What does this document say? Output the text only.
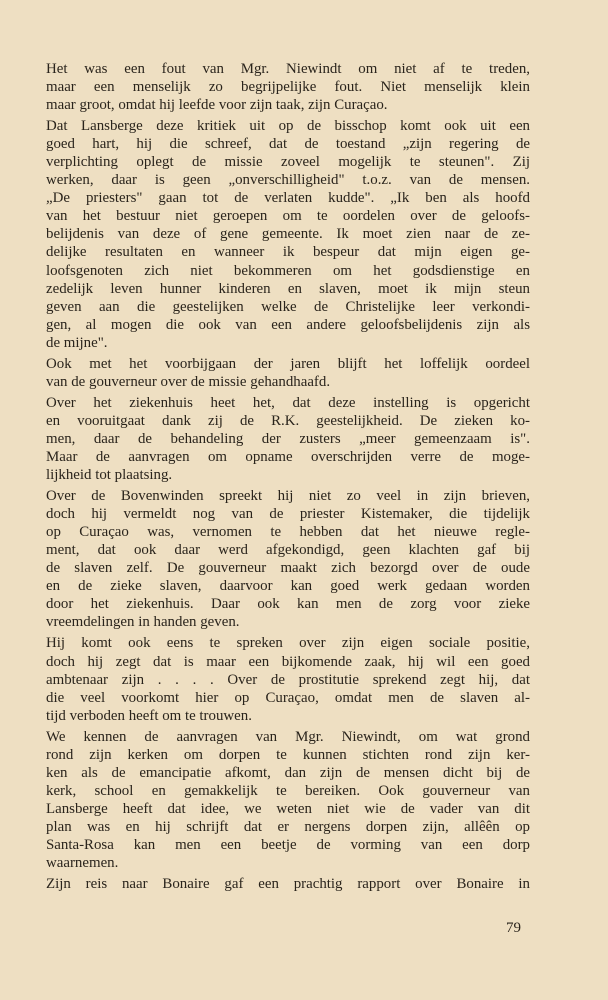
Het was een fout van Mgr. Niewindt om niet af te treden,
maar een menselijk zo begrijpelijke fout. Niet menselijk klein
maar groot, omdat hij leefde voor zijn taak, zijn Curaçao.
Dat Lansberge deze kritiek uit op de bisschop komt ook uit een
goed hart, hij die schreef, dat de toestand „zijn regering de
verplichting oplegt de missie zoveel mogelijk te steunen". Zij
werken, daar is geen „onverschilligheid" t.o.z. van de mensen.
„De priesters" gaan tot de verlaten kudde". „Ik ben als hoofd
van het bestuur niet geroepen om te oordelen over de geloofs-
belijdenis van deze of gene gemeente. Ik moet zien naar de ze-
delijke resultaten en wanneer ik bespeur dat mijn eigen ge-
loofsgenoten zich niet bekommeren om het godsdienstige en
zedelijk leven hunner kinderen en slaven, moet ik mijn steun
geven aan die geestelijken welke de Christelijke leer verkondi-
gen, al mogen die ook van een andere geloofsbelijdenis zijn als
de mijne".
Ook met het voorbijgaan der jaren blijft het loffelijk oordeel
van de gouverneur over de missie gehandhaafd.
Over het ziekenhuis heet het, dat deze instelling is opgericht
en vooruitgaat dank zij de R.K. geestelijkheid. De zieken ko-
men, daar de behandeling der zusters „meer gemeenzaam is".
Maar de aanvragen om opname overschrijden verre de moge-
lijkheid tot plaatsing.
Over de Bovenwinden spreekt hij niet zo veel in zijn brieven,
doch hij vermeldt nog van de priester Kistemaker, die tijdelijk
op Curaçao was, vernomen te hebben dat het nieuwe regle-
ment, dat ook daar werd afgekondigd, geen klachten gaf bij
de slaven zelf. De gouverneur maakt zich bezorgd over de oude
en de zieke slaven, daarvoor kan goed werk gedaan worden
door het ziekenhuis. Daar ook kan men de zorg voor zieke
vreemdelingen in handen geven.
Hij komt ook eens te spreken over zijn eigen sociale positie,
doch hij zegt dat is maar een bijkomende zaak, hij wil een goed
ambtenaar zijn . . . . Over de prostitutie sprekend zegt hij, dat
die veel voorkomt hier op Curaçao, omdat men de slaven al-
tijd verboden heeft om te trouwen.
We kennen de aanvragen van Mgr. Niewindt, om wat grond
rond zijn kerken om dorpen te kunnen stichten rond zijn ker-
ken als de emancipatie afkomt, dan zijn de mensen dicht bij de
kerk, school en gemakkelijk te bereiken. Ook gouverneur van
Lansberge heeft dat idee, we weten niet wie de vader van dit
plan was en hij schrijft dat er nergens dorpen zijn, allêên op
Santa-Rosa kan men een beetje de vorming van een dorp
waarnemen.
Zijn reis naar Bonaire gaf een prachtig rapport over Bonaire in
79
